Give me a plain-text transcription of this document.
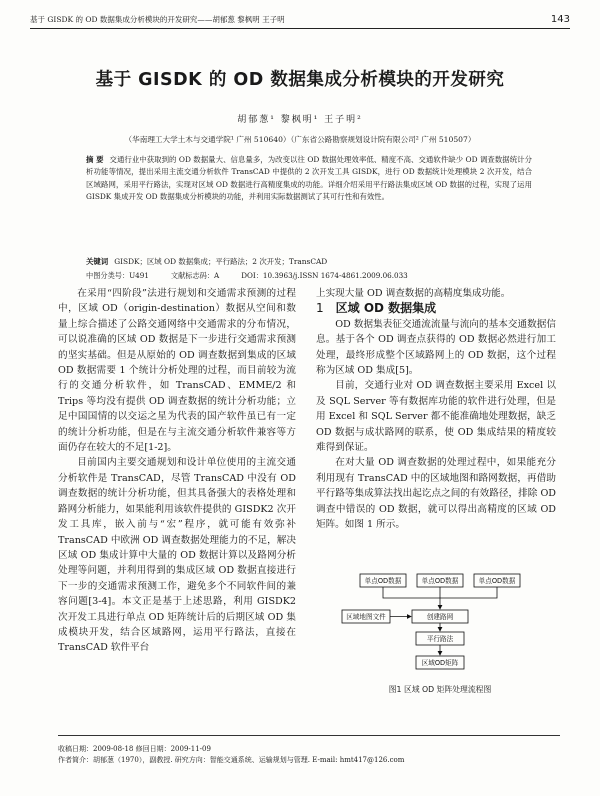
基于 GISDK 的 OD 数据集成分析模块的开发研究——胡郁葱 黎枫明 王子明	143
基于 GISDK 的 OD 数据集成分析模块的开发研究
胡郁葱¹ 黎枫明¹ 王子明²
（华南理工大学土木与交通学院¹ 广州 510640）（广东省公路勘察规划设计院有限公司² 广州 510507）
摘 要 交通行业中获取到的 OD 数据量大、信息量多，为改变以往 OD 数据处理效率低、精度不高、交通软件缺少 OD 调查数据统计分析功能等情况，提出采用主流交通分析软件 TransCAD 中提供的 2 次开发工具 GISDK，进行 OD 数据统计处理模块 2 次开发，结合区域路网，采用平行路法，实现对区域 OD 数据进行高精度集成的功能。详细介绍采用平行路法集成区域 OD 数据的过程，实现了运用 GISDK 集成开发 OD 数据集成分析模块的功能，并利用实际数据测试了其可行性和有效性。
关键词 GISDK；区域 OD 数据集成；平行路法；2 次开发；TransCAD
中图分类号：U491	文献标志码：A	DOI：10.3963/j.ISSN 1674-4861.2009.06.033

在采用“四阶段”法进行规划和交通需求预测的过程中，区域 OD（origin-destination）数据从空间和数量上综合描述了公路交通网络中交通需求的分布情况，可以说准确的区域 OD 数据是下一步进行交通需求预测的坚实基础。但是从原始的 OD 调查数据到集成的区域 OD 数据需要 1 个统计分析处理的过程，而目前较为流行的交通分析软件，如 TransCAD、EMME/2 和 Trips 等均没有提供 OD 调查数据的统计分析功能；立足中国国情的以交运之星为代表的国产软件虽已有一定的统计分析功能，但是在与主流交通分析软件兼容等方面仍存在较大的不足[1-2]。

目前国内主要交通规划和设计单位使用的主流交通分析软件是 TransCAD，尽管 TransCAD 中没有 OD 调查数据的统计分析功能，但其具备强大的表格处理和路网分析能力，如果能利用该软件提供的 GISDK2 次开发工具库，嵌入前与“宏”程序，就可能有效弥补 TransCAD 中欧洲 OD 调查数据处理能力的不足，解决区域 OD 集成计算中大量的 OD 数据计算以及路网分析处理等问题，并利用得到的集成区域 OD 数据直接进行下一步的交通需求预测工作，避免多个不同软件间的兼容问题[3-4]。本文正是基于上述思路，利用 GISDK2 次开发工具进行单点 OD 矩阵统计后的后期区域 OD 集成模块开发，结合区域路网，运用平行路法，直接在 TransCAD 软件平台

上实现大量 OD 调查数据的高精度集成功能。

1 区域 OD 数据集成

OD 数据集表征交通流流量与流向的基本交通数据信息。基于各个 OD 调查点获得的 OD 数据必然进行加工处理，最终形成整个区域路网上的 OD 数据，这个过程称为区域 OD 集成[5]。

目前，交通行业对 OD 调查数据主要采用 Excel 以及 SQL Server 等有数据库功能的软件进行处理，但是用 Excel 和 SQL Server 都不能准确地处理数据，缺乏 OD 数据与成状路网的联系，使 OD 集成结果的精度较难得到保证。

在对大量 OD 调查数据的处理过程中，如果能充分利用现有 TransCAD 中的区域地图和路网数据，再借助平行路等集成算法找出起讫点之间的有效路径，排除 OD 调查中错误的 OD 数据，就可以得出高精度的区域 OD 矩阵。如图 1 所示。

单点OD数据	单点OD数据	单点OD数据
区域地图文件	创建路网
平行路法
区域OD矩阵
图1 区域 OD 矩阵处理流程图
收稿日期：2009-08-18 修回日期：2009-11-09
作者简介：胡郁葱（1970），副教授. 研究方向：智能交通系统、运输规划与管理. E-mail: hmt417@126.com
